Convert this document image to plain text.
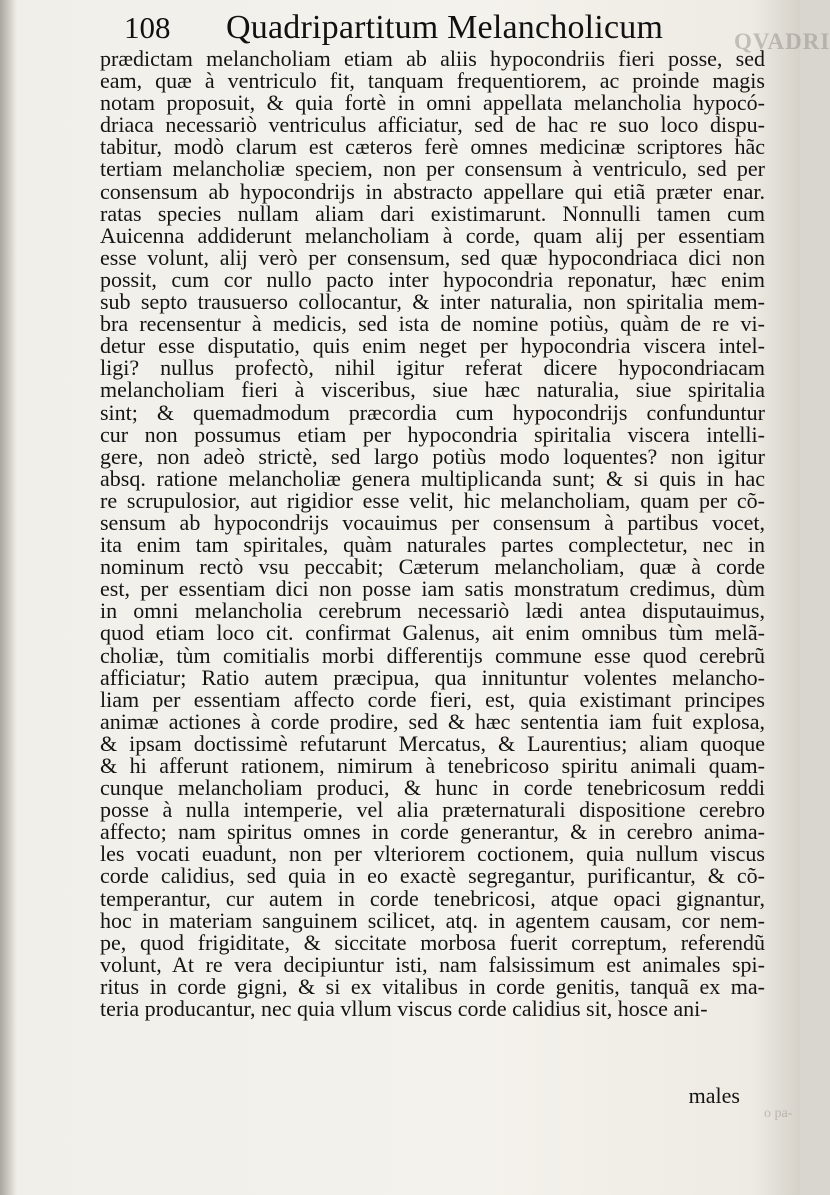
QVADRI
o pa-
108 Quadripartitum Melancholicum
prædictam melancholiam etiam ab aliis hypocondriis fieri posse, sed
eam, quæ à ventriculo fit, tanquam frequentiorem, ac proinde magis
notam proposuit, & quia fortè in omni appellata melancholia hypocó-
driaca necessariò ventriculus afficiatur, sed de hac re suo loco dispu-
tabitur, modò clarum est cæteros ferè omnes medicinæ scriptores hãc
tertiam melancholiæ speciem, non per consensum à ventriculo, sed per
consensum ab hypocondrijs in abstracto appellare qui etiã præter enar.
ratas species nullam aliam dari existimarunt. Nonnulli tamen cum
Auicenna addiderunt melancholiam à corde, quam alij per essentiam
esse volunt, alij verò per consensum, sed quæ hypocondriaca dici non
possit, cum cor nullo pacto inter hypocondria reponatur, hæc enim
sub septo trausuerso collocantur, & inter naturalia, non spiritalia mem-
bra recensentur à medicis, sed ista de nomine potiùs, quàm de re vi-
detur esse disputatio, quis enim neget per hypocondria viscera intel-
ligi? nullus profectò, nihil igitur referat dicere hypocondriacam
melancholiam fieri à visceribus, siue hæc naturalia, siue spiritalia
sint; & quemadmodum præcordia cum hypocondrijs confunduntur
cur non possumus etiam per hypocondria spiritalia viscera intelli-
gere, non adeò strictè, sed largo potiùs modo loquentes? non igitur
absq. ratione melancholiæ genera multiplicanda sunt; & si quis in hac
re scrupulosior, aut rigidior esse velit, hic melancholiam, quam per cõ-
sensum ab hypocondrijs vocauimus per consensum à partibus vocet,
ita enim tam spiritales, quàm naturales partes complectetur, nec in
nominum rectò vsu peccabit; Cæterum melancholiam, quæ à corde
est, per essentiam dici non posse iam satis monstratum credimus, dùm
in omni melancholia cerebrum necessariò lædi antea disputauimus,
quod etiam loco cit. confirmat Galenus, ait enim omnibus tùm melã-
choliæ, tùm comitialis morbi differentijs commune esse quod cerebrũ
afficiatur; Ratio autem præcipua, qua innituntur volentes melancho-
liam per essentiam affecto corde fieri, est, quia existimant principes
animæ actiones à corde prodire, sed & hæc sententia iam fuit explosa,
& ipsam doctissimè refutarunt Mercatus, & Laurentius; aliam quoque
& hi afferunt rationem, nimirum à tenebricoso spiritu animali quam-
cunque melancholiam produci, & hunc in corde tenebricosum reddi
posse à nulla intemperie, vel alia præternaturali dispositione cerebro
affecto; nam spiritus omnes in corde generantur, & in cerebro anima-
les vocati euadunt, non per vlteriorem coctionem, quia nullum viscus
corde calidius, sed quia in eo exactè segregantur, purificantur, & cõ-
temperantur, cur autem in corde tenebricosi, atque opaci gignantur,
hoc in materiam sanguinem scilicet, atq. in agentem causam, cor nem-
pe, quod frigiditate, & siccitate morbosa fuerit correptum, referendũ
volunt, At re vera decipiuntur isti, nam falsissimum est animales spi-
ritus in corde gigni, & si ex vitalibus in corde genitis, tanquã ex ma-
teria producantur, nec quia vllum viscus corde calidius sit, hosce ani-
males
